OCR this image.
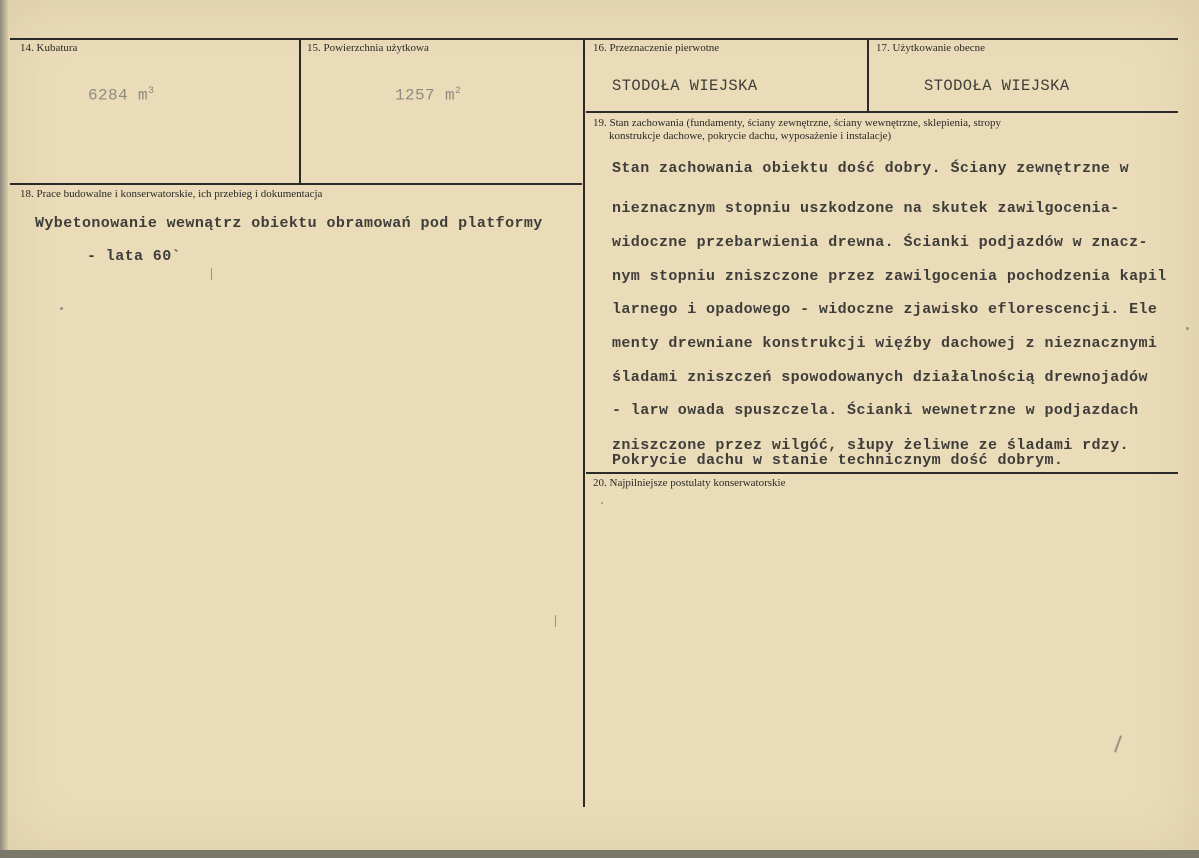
14. Kubatura
6284 $m^3$
15. Powierzchnia użytkowa
1257 $m^2$
16. Przeznaczenie pierwotne
STODOŁA WIEJSKA
17. Użytkowanie obecne
STODOŁA WIEJSKA
18. Prace budowalne i konserwatorskie, ich przebieg i dokumentacja
Wybetonowanie wewnątrz obiektu obramowań pod platformy
- lata 60`
19. Stan zachowania (fundamenty, ściany zewnętrzne, ściany wewnętrzne, sklepienia, stropy
konstrukcje dachowe, pokrycie dachu, wyposażenie i instalacje)
Stan zachowania obiektu dość dobry. Ściany zewnętrzne w
nieznacznym stopniu uszkodzone na skutek zawilgocenia-
widoczne przebarwienia drewna. Ścianki podjazdów w znacz-
nym stopniu zniszczone przez zawilgocenia pochodzenia kapil
larnego i opadowego - widoczne zjawisko eflorescencji. Ele
menty drewniane konstrukcji więźby dachowej z nieznacznymi
śladami zniszczeń spowodowanych działalnością drewnojadów
- larw owada spuszczela. Ścianki wewnetrzne w podjazdach
zniszczone przez wilgóć, słupy żeliwne ze śladami rdzy.
Pokrycie dachu w stanie technicznym dość dobrym.
20. Najpilniejsze postulaty konserwatorskie
